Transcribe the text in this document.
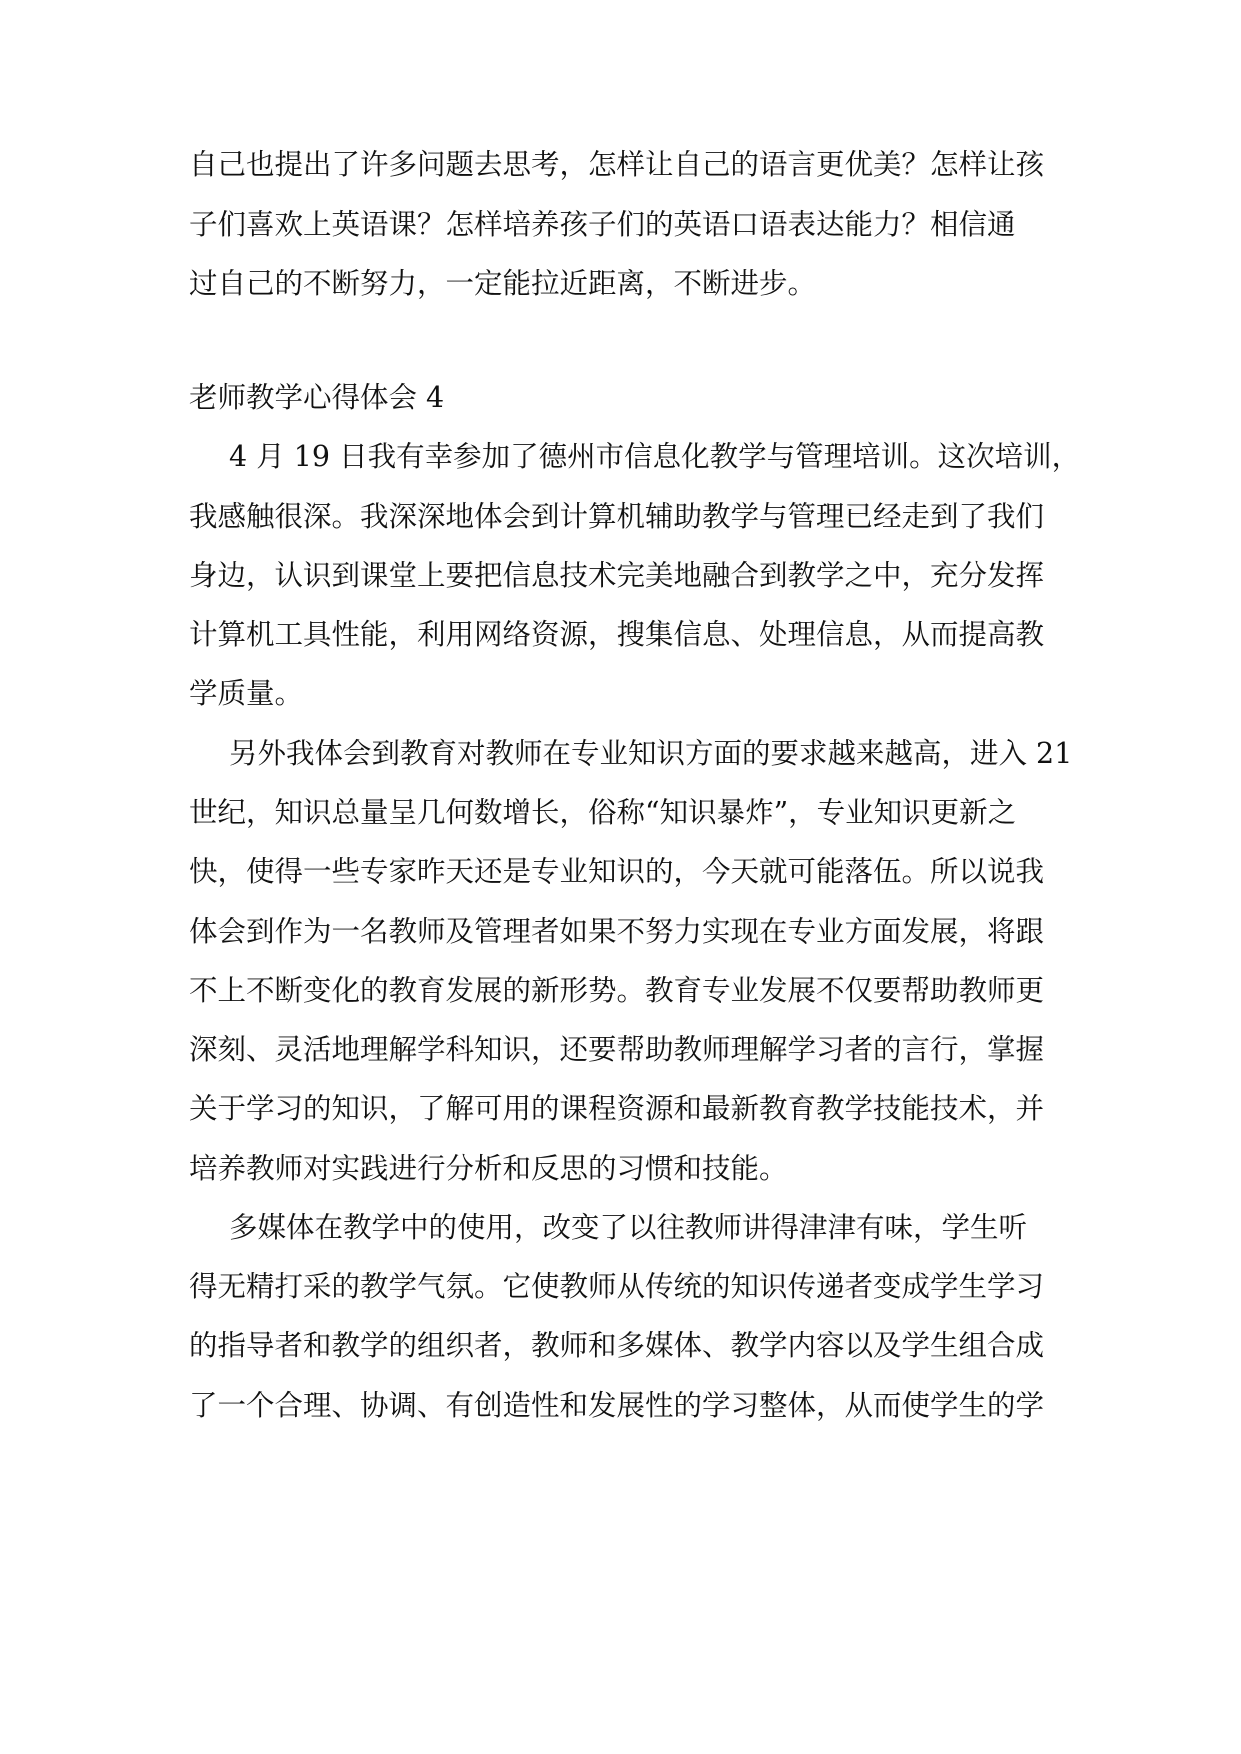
自己也提出了许多问题去思考，怎样让自己的语言更优美？怎样让孩
子们喜欢上英语课？怎样培养孩子们的英语口语表达能力？相信通
过自己的不断努力，一定能拉近距离，不断进步。
老师教学心得体会 4
4 月 19 日我有幸参加了德州市信息化教学与管理培训。这次培训，
我感触很深。我深深地体会到计算机辅助教学与管理已经走到了我们
身边，认识到课堂上要把信息技术完美地融合到教学之中，充分发挥
计算机工具性能，利用网络资源，搜集信息、处理信息，从而提高教
学质量。
另外我体会到教育对教师在专业知识方面的要求越来越高，进入 21
世纪，知识总量呈几何数增长，俗称“知识暴炸”，专业知识更新之
快，使得一些专家昨天还是专业知识的，今天就可能落伍。所以说我
体会到作为一名教师及管理者如果不努力实现在专业方面发展，将跟
不上不断变化的教育发展的新形势。教育专业发展不仅要帮助教师更
深刻、灵活地理解学科知识，还要帮助教师理解学习者的言行，掌握
关于学习的知识，了解可用的课程资源和最新教育教学技能技术，并
培养教师对实践进行分析和反思的习惯和技能。
多媒体在教学中的使用，改变了以往教师讲得津津有味，学生听
得无精打采的教学气氛。它使教师从传统的知识传递者变成学生学习
的指导者和教学的组织者，教师和多媒体、教学内容以及学生组合成
了一个合理、协调、有创造性和发展性的学习整体，从而使学生的学
